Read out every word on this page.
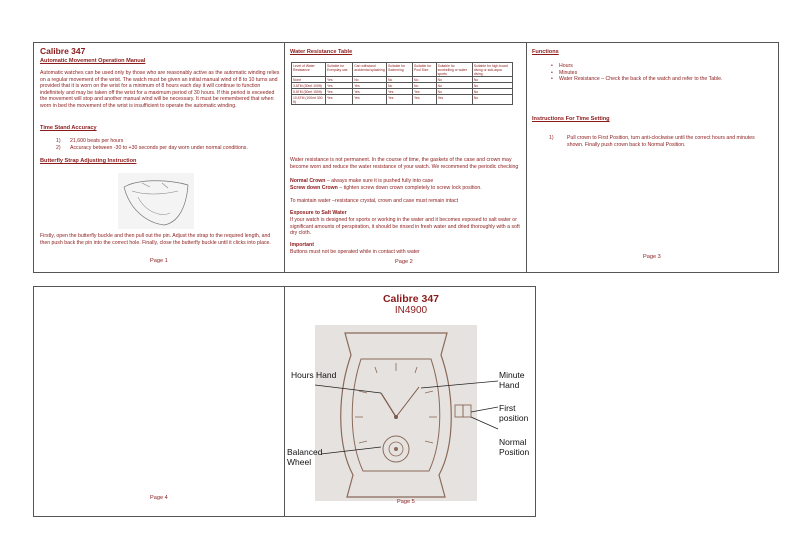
Calibre 347
Automatic Movement Operation Manual
Automatic watches can be used only by those who are reasonably active as the automatic winding relies on a regular movement of the wrist. The watch must be given an initial manual wind of 8 to 10 turns and provided that it is worn on the wrist for a minimum of 8 hours each day it will continue to function indefinitely and may be taken off the wrist for a maximum period of 30 hours. If this period is exceeded the movement will stop and another manual wind will be necessary. It must be remembered that when worn in bed the movement of the wrist is insufficient to operate the automatic winding.
Time Stand Accuracy
1)	21,600 beats per hours
2)	Accuracy between -30 to +30 seconds per day worn under normal conditions.
Butterfly Strap Adjusting Instruction
Firstly, open the butterfly buckle and then pull out the pin. Adjust the strap to the required length, and then push back the pin into the correct hole. Finally, close the butterfly buckle until it clicks into place.
Page 1
Water Resistance Table
Level of Water Resistance	Suitable for Everyday use	Can withstand accidental splashing	Suitable for Swimming	Suitable for Pool Size	Suitable for snorkelling or water sports	Suitable for high board diving or sub-aqua diving
None	Yes	No	No	No	No	No
3 ATM (30mt 100ft)	Yes	Yes	No	No	No	No
5 ATM (50mt 150ft)	Yes	Yes	Yes	Yes	No	No
10 ATM (100mt 300 ft)	Yes	Yes	Yes	Yes	Yes	No
Water resistance is not permanent. In the course of time, the gaskets of the case and crown may become worn and reduce the water resistance of your watch. We recommend the periodic checking
Normal Crown – always make sure it is pushed fully into case
Screw down Crown – tighten screw down crown completely to screw lock position.
To maintain water –resistance crystal, crown and case must remain intact
Exposure to Salt Water
If your watch is designed for sports or working in the water and it becomes exposed to salt water or significant amounts of perspiration, it should be rinsed in fresh water and dried thoroughly with a soft dry cloth.
Important
Buttons must not be operated while in contact with water
Page 2
Functions
• Hours
• Minutes
• Water Resistance – Check the back of the watch and refer to the Table.
Instructions For Time Setting
1)	Pull crown to First Position, turn anti-clockwise until the correct hours and minutes shown. Finally push crown back to Normal Position.
Page 3
Page 4
Calibre 347
IN4900
Hours Hand	Minute Hand
First position
Normal Position
Balanced Wheel
Page 5
